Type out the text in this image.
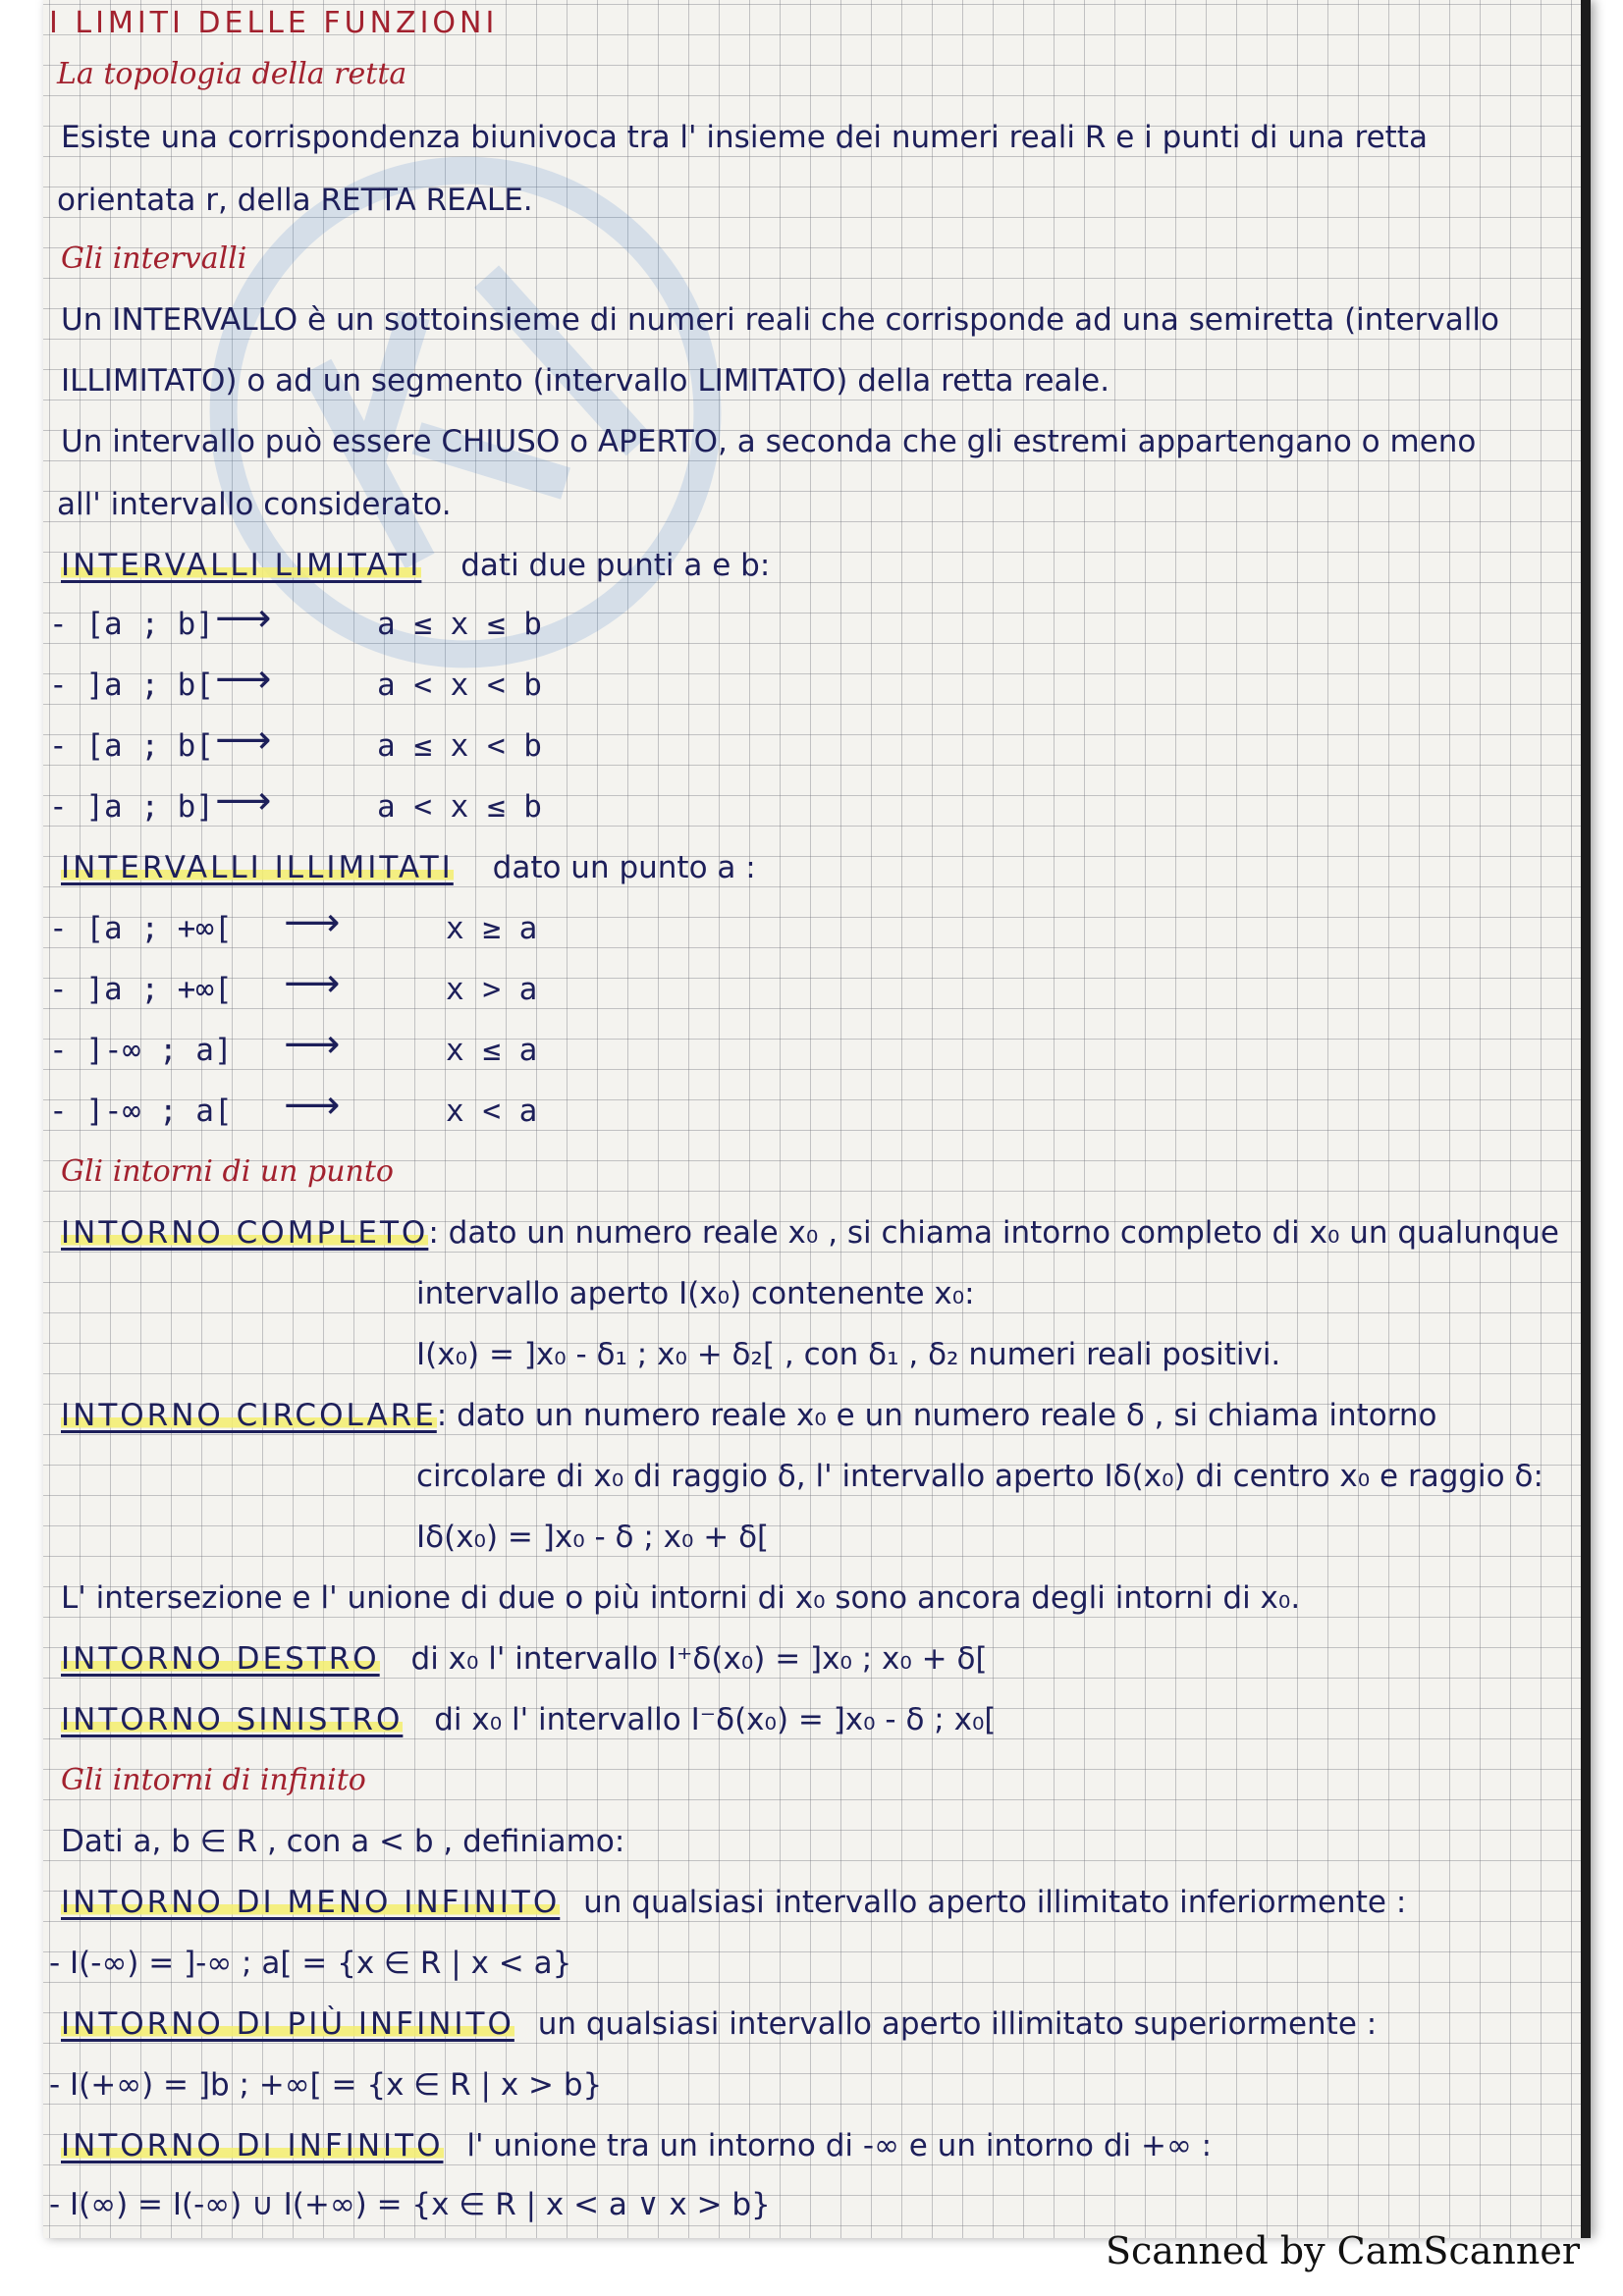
I LIMITI DELLE FUNZIONI
La topologia della retta
Esiste una corrispondenza biunivoca tra l' insieme dei numeri reali R e i punti di una retta
orientata r, della RETTA REALE.
Gli intervalli
Un INTERVALLO è un sottoinsieme di numeri reali che corrisponde ad una semiretta (intervallo
ILLIMITATO) o ad un segmento (intervallo LIMITATO) della retta reale.
Un intervallo può essere CHIUSO o APERTO, a seconda che gli estremi appartengano o meno
all' intervallo considerato.
INTERVALLI LIMITATI dati due punti a e b:
- [a ; b] ⟶	a ≤ x ≤ b
- ]a ; b[ ⟶	a < x < b
- [a ; b[ ⟶	a ≤ x < b
- ]a ; b] ⟶	a < x ≤ b
INTERVALLI ILLIMITATI dato un punto a :
- [a ; +∞[ ⟶	x ≥ a
- ]a ; +∞[ ⟶	x > a
- ]-∞ ; a] ⟶	x ≤ a
- ]-∞ ; a[ ⟶	x < a
Gli intorni di un punto
INTORNO COMPLETO: dato un numero reale x₀ , si chiama intorno completo di x₀ un qualunque
intervallo aperto I(x₀) contenente x₀:
I(x₀) = ]x₀ - δ₁ ; x₀ + δ₂[ , con δ₁ , δ₂ numeri reali positivi.
INTORNO CIRCOLARE: dato un numero reale x₀ e un numero reale δ , si chiama intorno
circolare di x₀ di raggio δ, l' intervallo aperto Iδ(x₀) di centro x₀ e raggio δ:
Iδ(x₀) = ]x₀ - δ ; x₀ + δ[
L' intersezione e l' unione di due o più intorni di x₀ sono ancora degli intorni di x₀.
INTORNO DESTRO di x₀ l' intervallo I⁺δ(x₀) = ]x₀ ; x₀ + δ[
INTORNO SINISTRO di x₀ l' intervallo I⁻δ(x₀) = ]x₀ - δ ; x₀[
Gli intorni di infinito
Dati a, b ∈ R , con a < b , definiamo:
INTORNO DI MENO INFINITO un qualsiasi intervallo aperto illimitato inferiormente :
- I(-∞) = ]-∞ ; a[ = {x ∈ R | x < a}
INTORNO DI PIÙ INFINITO un qualsiasi intervallo aperto illimitato superiormente :
- I(+∞) = ]b ; +∞[ = {x ∈ R | x > b}
INTORNO DI INFINITO l' unione tra un intorno di -∞ e un intorno di +∞ :
- I(∞) = I(-∞) ∪ I(+∞) = {x ∈ R | x < a ∨ x > b}
Scanned by CamScanner
